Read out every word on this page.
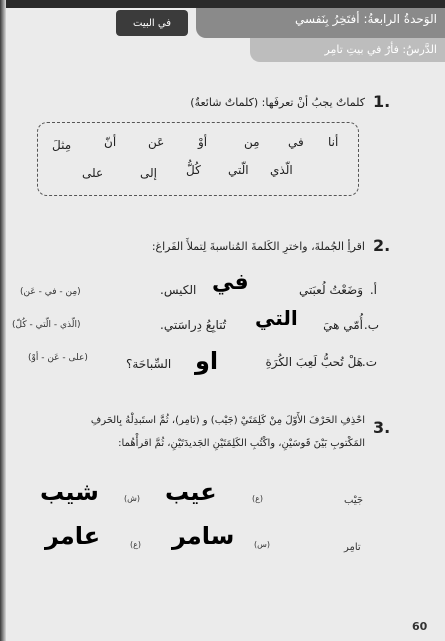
الوَحدةُ الرابعةُ: أفتَخِرُ بِنَفسي
في البيت
الدَّرسُ: فأرٌ في بيتِ تامِر
1.
كلماتٌ يجبُ أنْ تعرفَها: (كلماتٌ شائعةٌ)
أنا
في
مِن
أوْ
عَن
أنّ
مِثلَ
الّذي
الّتي
كُلُّ
إلى
على
2.
اقرأِ الجُملةَ، واخترِ الكَلمةَ المُناسبةَ لِتملأَ الفَراغ:
أ.
وَضَعْتُ لُعبَتي
في
الكيس.
(مِن - في - عَن)
ب.
أُمّي هيَ
التي
تُتابِعُ دِراسَتي.
(الّذي - الّتي - كُلّ)
ت.
هَلْ تُحبُّ لَعِبَ الكُرَةِ
او
السِّباحَة؟
(على - عَن - أوْ)
3.
احْذِفِ الحَرْفَ الأَوّلَ مِنْ كَلِمَتَيْ (جَيْب) و (تامِر)، ثُمَّ استَبدِلْهُ بِالحَرفِ
المَكْتوبِ بَيْنَ قَوسَيْنِ، واكْتُبِ الكَلِمَتَيْنِ الجَديدَتَيْنِ، ثُمَّ اقرأْهُما:
جَيْب
(ع)
عيب
(ش)
شيب
تامِر
(س)
سامر
(ع)
عامر
60
